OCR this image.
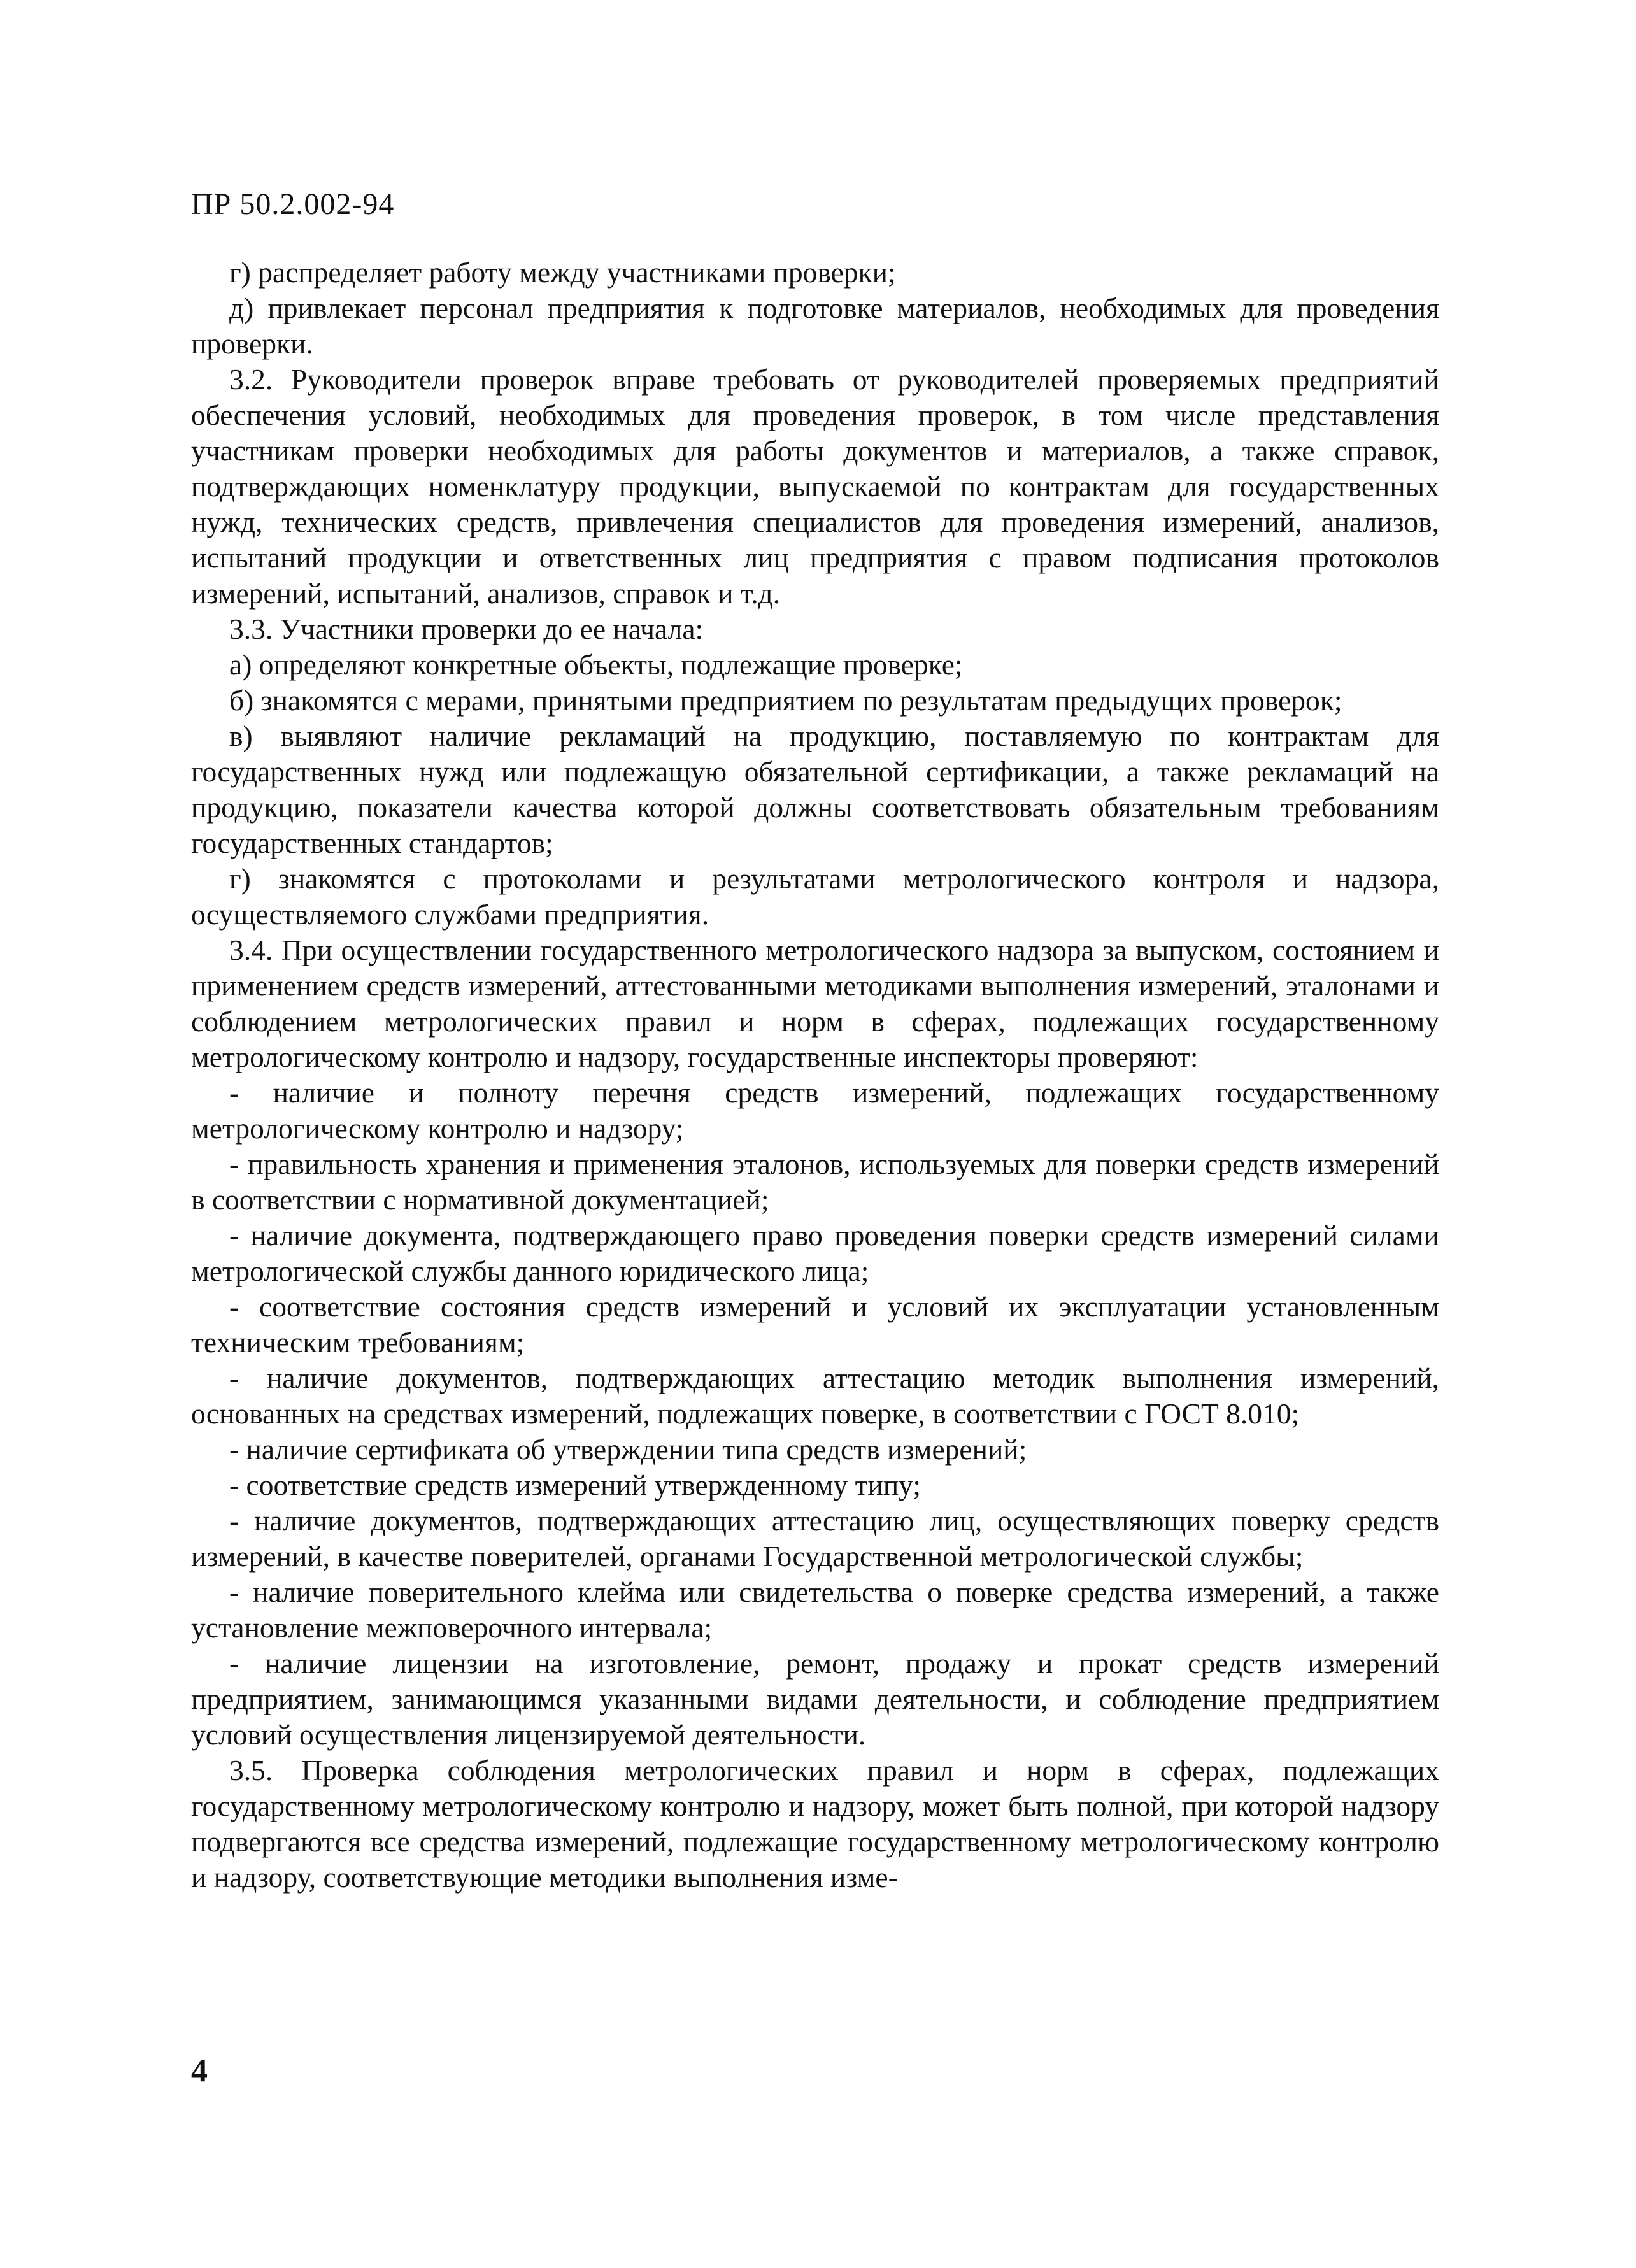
ПР 50.2.002-94

г) распределяет работу между участниками проверки;

д) привлекает персонал предприятия к подготовке материалов, необходимых для проведения проверки.

3.2. Руководители проверок вправе требовать от руководителей проверяемых предприятий обеспечения условий, необходимых для проведения проверок, в том числе представления участникам проверки необходимых для работы документов и материалов, а также справок, подтверждающих номенклатуру продукции, выпускаемой по контрактам для государственных нужд, технических средств, привлечения специалистов для проведения измерений, анализов, испытаний продукции и ответственных лиц предприятия с правом подписания протоколов измерений, испытаний, анализов, справок и т.д.

3.3. Участники проверки до ее начала:

а) определяют конкретные объекты, подлежащие проверке;

б) знакомятся с мерами, принятыми предприятием по результатам предыдущих проверок;

в) выявляют наличие рекламаций на продукцию, поставляемую по контрактам для государственных нужд или подлежащую обязательной сертификации, а также рекламаций на продукцию, показатели качества которой должны соответствовать обязательным требованиям государственных стандартов;

г) знакомятся с протоколами и результатами метрологического контроля и надзора, осуществляемого службами предприятия.

3.4. При осуществлении государственного метрологического надзора за выпуском, состоянием и применением средств измерений, аттестованными методиками выполнения измерений, эталонами и соблюдением метрологических правил и норм в сферах, подлежащих государственному метрологическому контролю и надзору, государственные инспекторы проверяют:

- наличие и полноту перечня средств измерений, подлежащих государственному метрологическому контролю и надзору;

- правильность хранения и применения эталонов, используемых для поверки средств измерений в соответствии с нормативной документацией;

- наличие документа, подтверждающего право проведения поверки средств измерений силами метрологической службы данного юридического лица;

- соответствие состояния средств измерений и условий их эксплуатации установленным техническим требованиям;

- наличие документов, подтверждающих аттестацию методик выполнения измерений, основанных на средствах измерений, подлежащих поверке, в соответствии с ГОСТ 8.010;

- наличие сертификата об утверждении типа средств измерений;

- соответствие средств измерений утвержденному типу;

- наличие документов, подтверждающих аттестацию лиц, осуществляющих поверку средств измерений, в качестве поверителей, органами Государственной метрологической службы;

- наличие поверительного клейма или свидетельства о поверке средства измерений, а также установление межповерочного интервала;

- наличие лицензии на изготовление, ремонт, продажу и прокат средств измерений предприятием, занимающимся указанными видами деятельности, и соблюдение предприятием условий осуществления лицензируемой деятельности.

3.5. Проверка соблюдения метрологических правил и норм в сферах, подлежащих государственному метрологическому контролю и надзору, может быть полной, при которой надзору подвергаются все средства измерений, подлежащие государственному метрологическому контролю и надзору, соответствующие методики выполнения изме-

4
